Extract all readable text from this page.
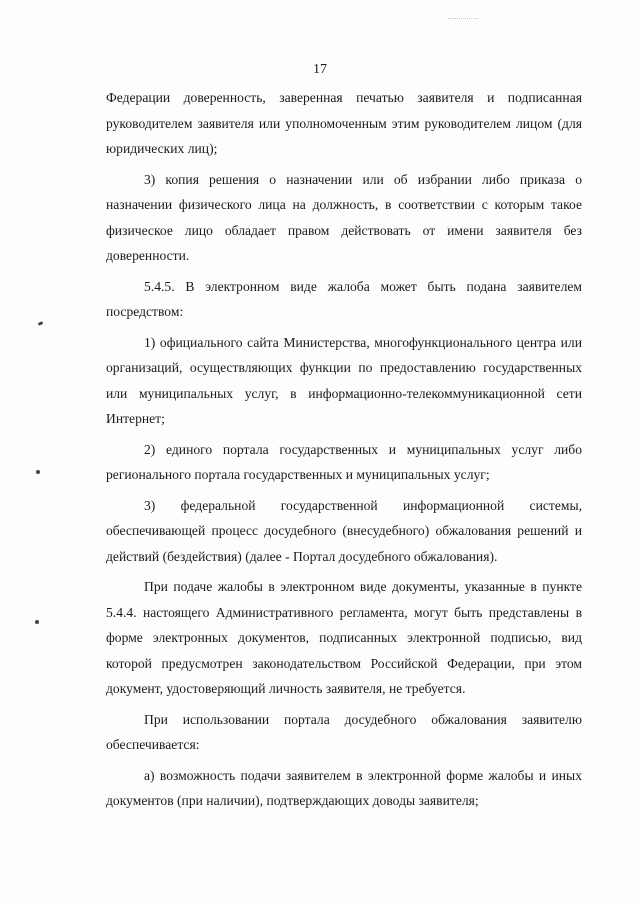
17

Федерации доверенность, заверенная печатью заявителя и подписанная руководителем заявителя или уполномоченным этим руководителем лицом (для юридических лиц);

3) копия решения о назначении или об избрании либо приказа о назначении физического лица на должность, в соответствии с которым такое физическое лицо обладает правом действовать от имени заявителя без доверенности.

5.4.5. В электронном виде жалоба может быть подана заявителем посредством:

1) официального сайта Министерства, многофункционального центра или организаций, осуществляющих функции по предоставлению государственных или муниципальных услуг, в информационно-телекоммуникационной сети Интернет;

2) единого портала государственных и муниципальных услуг либо регионального портала государственных и муниципальных услуг;

3) федеральной государственной информационной системы, обеспечивающей процесс досудебного (внесудебного) обжалования решений и действий (бездействия) (далее - Портал досудебного обжалования).

При подаче жалобы в электронном виде документы, указанные в пункте 5.4.4. настоящего Административного регламента, могут быть представлены в форме электронных документов, подписанных электронной подписью, вид которой предусмотрен законодательством Российской Федерации, при этом документ, удостоверяющий личность заявителя, не требуется.

При использовании портала досудебного обжалования заявителю обеспечивается:

а) возможность подачи заявителем в электронной форме жалобы и иных документов (при наличии), подтверждающих доводы заявителя;
